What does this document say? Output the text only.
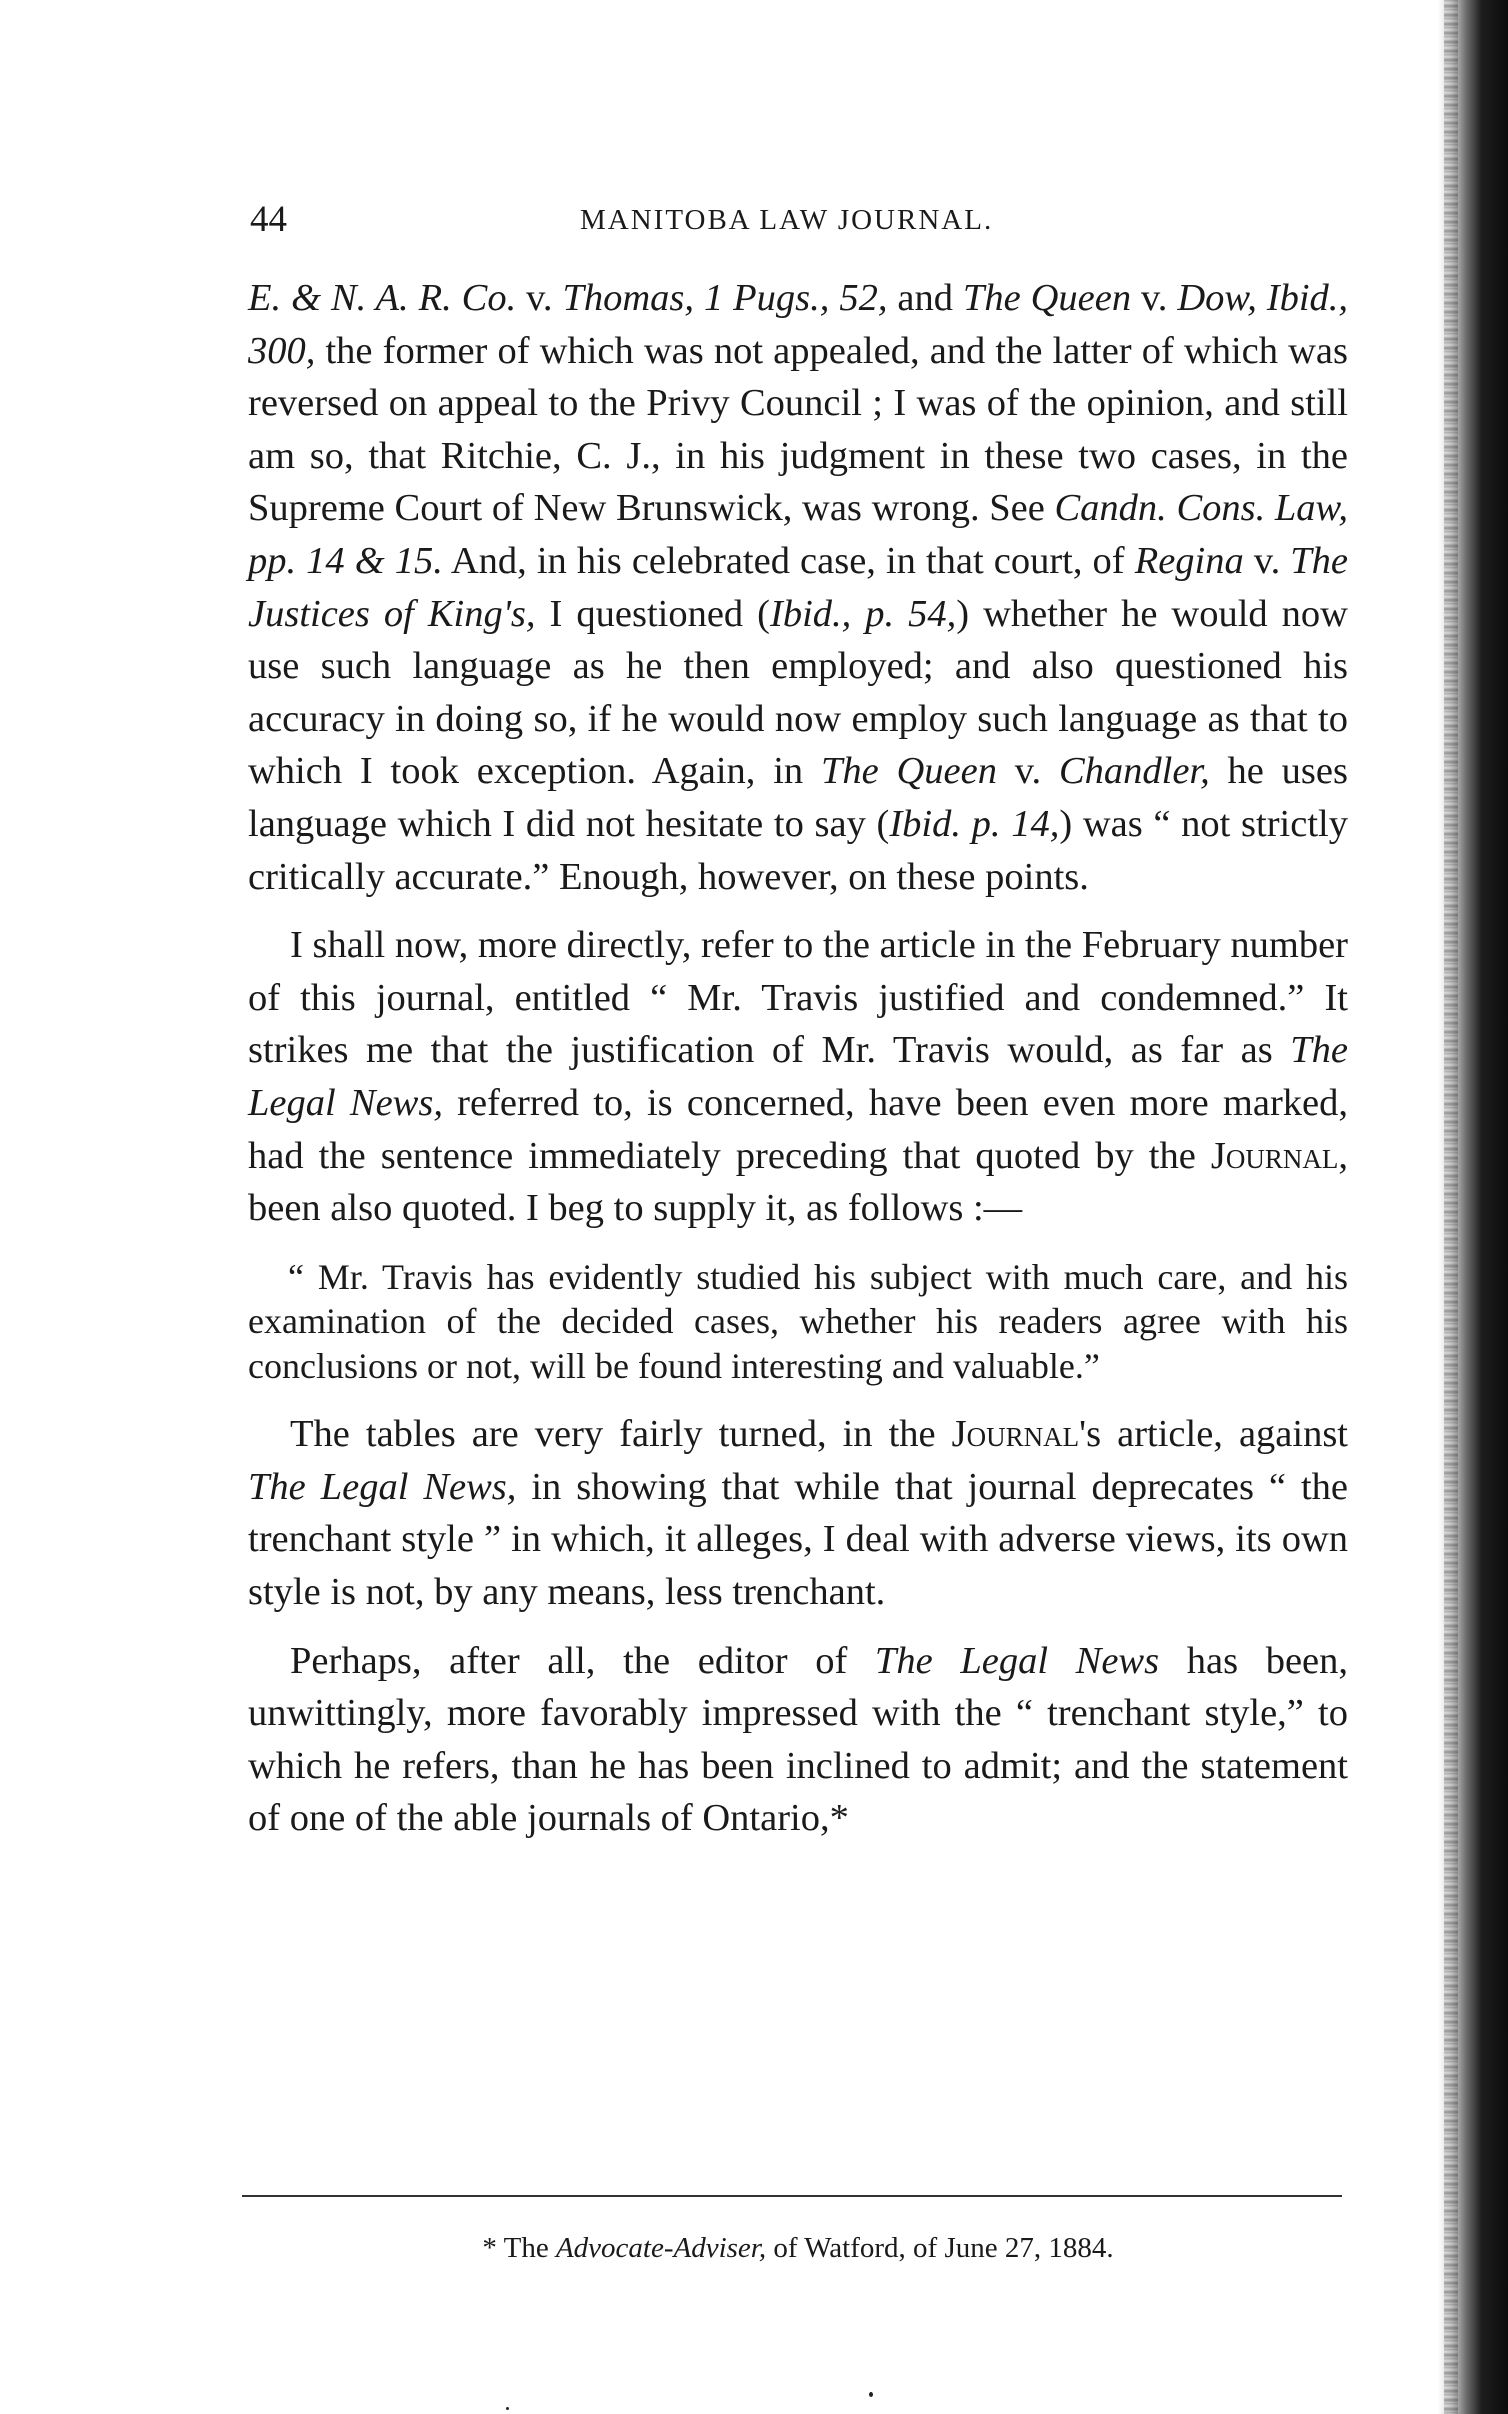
44	MANITOBA LAW JOURNAL.

E. & N. A. R. Co. v. Thomas, 1 Pugs., 52, and The Queen v. Dow, Ibid., 300, the former of which was not appealed, and the latter of which was reversed on appeal to the Privy Council ; I was of the opinion, and still am so, that Ritchie, C. J., in his judgment in these two cases, in the Supreme Court of New Brunswick, was wrong. See Candn. Cons. Law, pp. 14 & 15. And, in his celebrated case, in that court, of Regina v. The Justices of King's, I questioned (Ibid., p. 54,) whether he would now use such language as he then employed; and also questioned his accuracy in doing so, if he would now employ such language as that to which I took exception. Again, in The Queen v. Chandler, he uses language which I did not hesitate to say (Ibid. p. 14,) was “ not strictly critically accurate.” Enough, however, on these points.

I shall now, more directly, refer to the article in the February number of this journal, entitled “ Mr. Travis justified and condemned.” It strikes me that the justification of Mr. Travis would, as far as The Legal News, referred to, is concerned, have been even more marked, had the sentence immediately preceding that quoted by the Journal, been also quoted. I beg to supply it, as follows :—

“ Mr. Travis has evidently studied his subject with much care, and his examination of the decided cases, whether his readers agree with his conclusions or not, will be found interesting and valuable.”

The tables are very fairly turned, in the Journal's article, against The Legal News, in showing that while that journal deprecates “ the trenchant style ” in which, it alleges, I deal with adverse views, its own style is not, by any means, less trenchant.

Perhaps, after all, the editor of The Legal News has been, unwittingly, more favorably impressed with the “ trenchant style,” to which he refers, than he has been inclined to admit; and the statement of one of the able journals of Ontario,*

* The Advocate-Adviser, of Watford, of June 27, 1884.
